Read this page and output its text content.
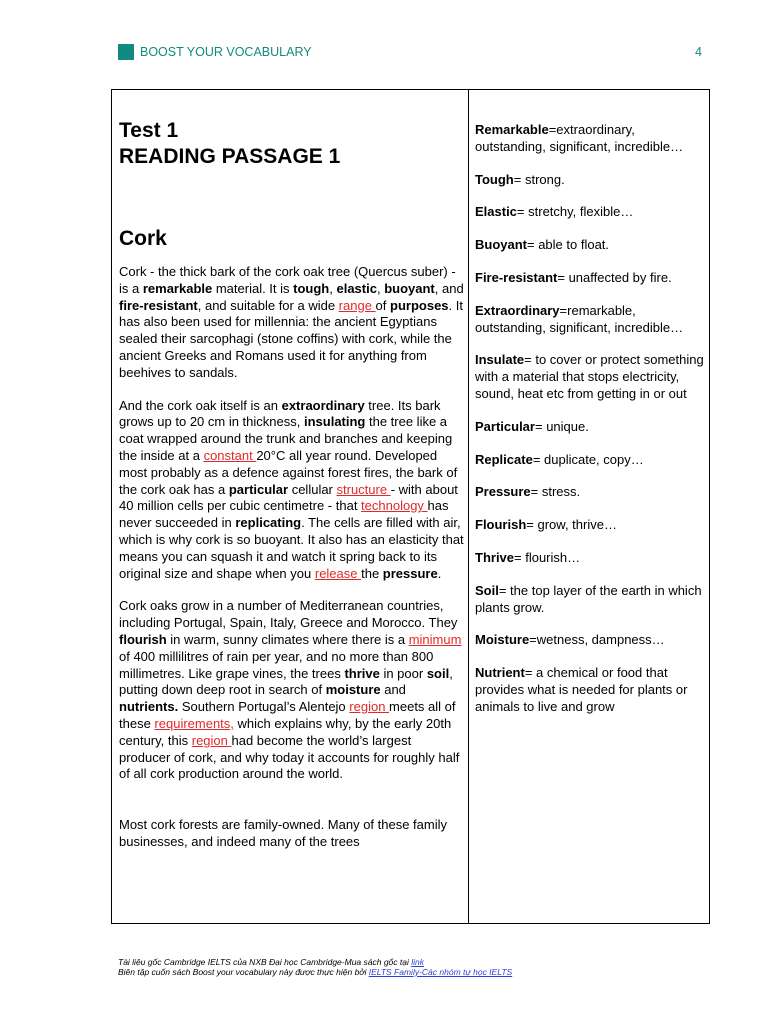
BOOST YOUR VOCABULARY	4
Test 1
READING PASSAGE 1
Cork
Cork - the thick bark of the cork oak tree (Quercus suber) - is a remarkable material. It is tough, elastic, buoyant, and fire-resistant, and suitable for a wide range of purposes. It has also been used for millennia: the ancient Egyptians sealed their sarcophagi (stone coffins) with cork, while the ancient Greeks and Romans used it for anything from beehives to sandals.
And the cork oak itself is an extraordinary tree. Its bark grows up to 20 cm in thickness, insulating the tree like a coat wrapped around the trunk and branches and keeping the inside at a constant 20°C all year round. Developed most probably as a defence against forest fires, the bark of the cork oak has a particular cellular structure - with about 40 million cells per cubic centimetre - that technology has never succeeded in replicating. The cells are filled with air, which is why cork is so buoyant. It also has an elasticity that means you can squash it and watch it spring back to its original size and shape when you release the pressure.
Cork oaks grow in a number of Mediterranean countries, including Portugal, Spain, Italy, Greece and Morocco. They flourish in warm, sunny climates where there is a minimum of 400 millilitres of rain per year, and no more than 800 millimetres. Like grape vines, the trees thrive in poor soil, putting down deep root in search of moisture and nutrients. Southern Portugal’s Alentejo region meets all of these requirements, which explains why, by the early 20th century, this region had become the world’s largest producer of cork, and why today it accounts for roughly half of all cork production around the world.
Most cork forests are family-owned. Many of these family businesses, and indeed many of the trees
Remarkable=extraordinary, outstanding, significant, incredible…
Tough= strong.
Elastic= stretchy, flexible…
Buoyant= able to float.
Fire-resistant= unaffected by fire.
Extraordinary=remarkable, outstanding, significant, incredible…
Insulate= to cover or protect something with a material that stops electricity, sound, heat etc from getting in or out
Particular= unique.
Replicate= duplicate, copy…
Pressure= stress.
Flourish= grow, thrive…
Thrive= flourish…
Soil= the top layer of the earth in which plants grow.
Moisture=wetness, dampness…
Nutrient= a chemical or food that provides what is needed for plants or animals to live and grow
Tài liệu gốc Cambridge IELTS của NXB Đại học Cambridge-Mua sách gốc tại link
Biên tập cuốn sách Boost your vocabulary này được thực hiện bởi IELTS Family-Các nhóm tự học IELTS
